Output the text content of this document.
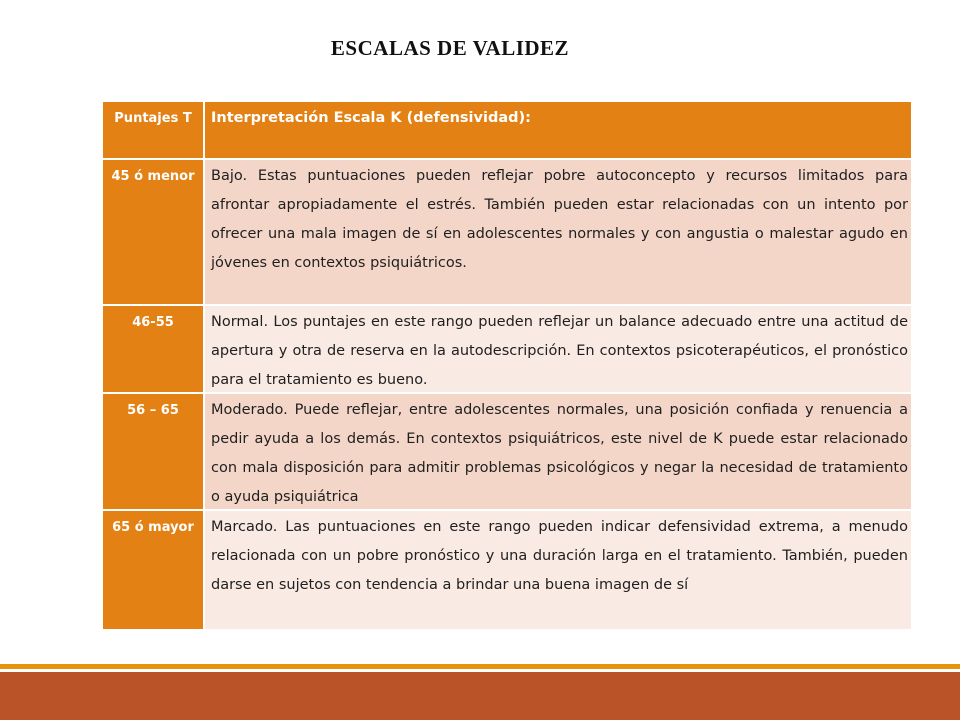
ESCALAS DE VALIDEZ
Puntajes T	Interpretación Escala K (defensividad):
45 ó menor	Bajo. Estas puntuaciones pueden reflejar pobre autoconcepto y recursos limitados para afrontar apropiadamente el estrés. También pueden estar relacionadas con un intento por ofrecer una mala imagen de sí en adolescentes normales y con angustia o malestar agudo en jóvenes en contextos psiquiátricos.
46-55	Normal. Los puntajes en este rango pueden reflejar un balance adecuado entre una actitud de apertura y otra de reserva en la autodescripción. En contextos psicoterapéuticos, el pronóstico para el tratamiento es bueno.
56 – 65	Moderado. Puede reflejar, entre adolescentes normales, una posición confiada y renuencia a pedir ayuda a los demás. En contextos psiquiátricos, este nivel de K puede estar relacionado con mala disposición para admitir problemas psicológicos y negar la necesidad de tratamiento o ayuda psiquiátrica
65 ó mayor	Marcado. Las puntuaciones en este rango pueden indicar defensividad extrema, a menudo relacionada con un pobre pronóstico y una duración larga en el tratamiento. También, pueden darse en sujetos con tendencia a brindar una buena imagen de sí
